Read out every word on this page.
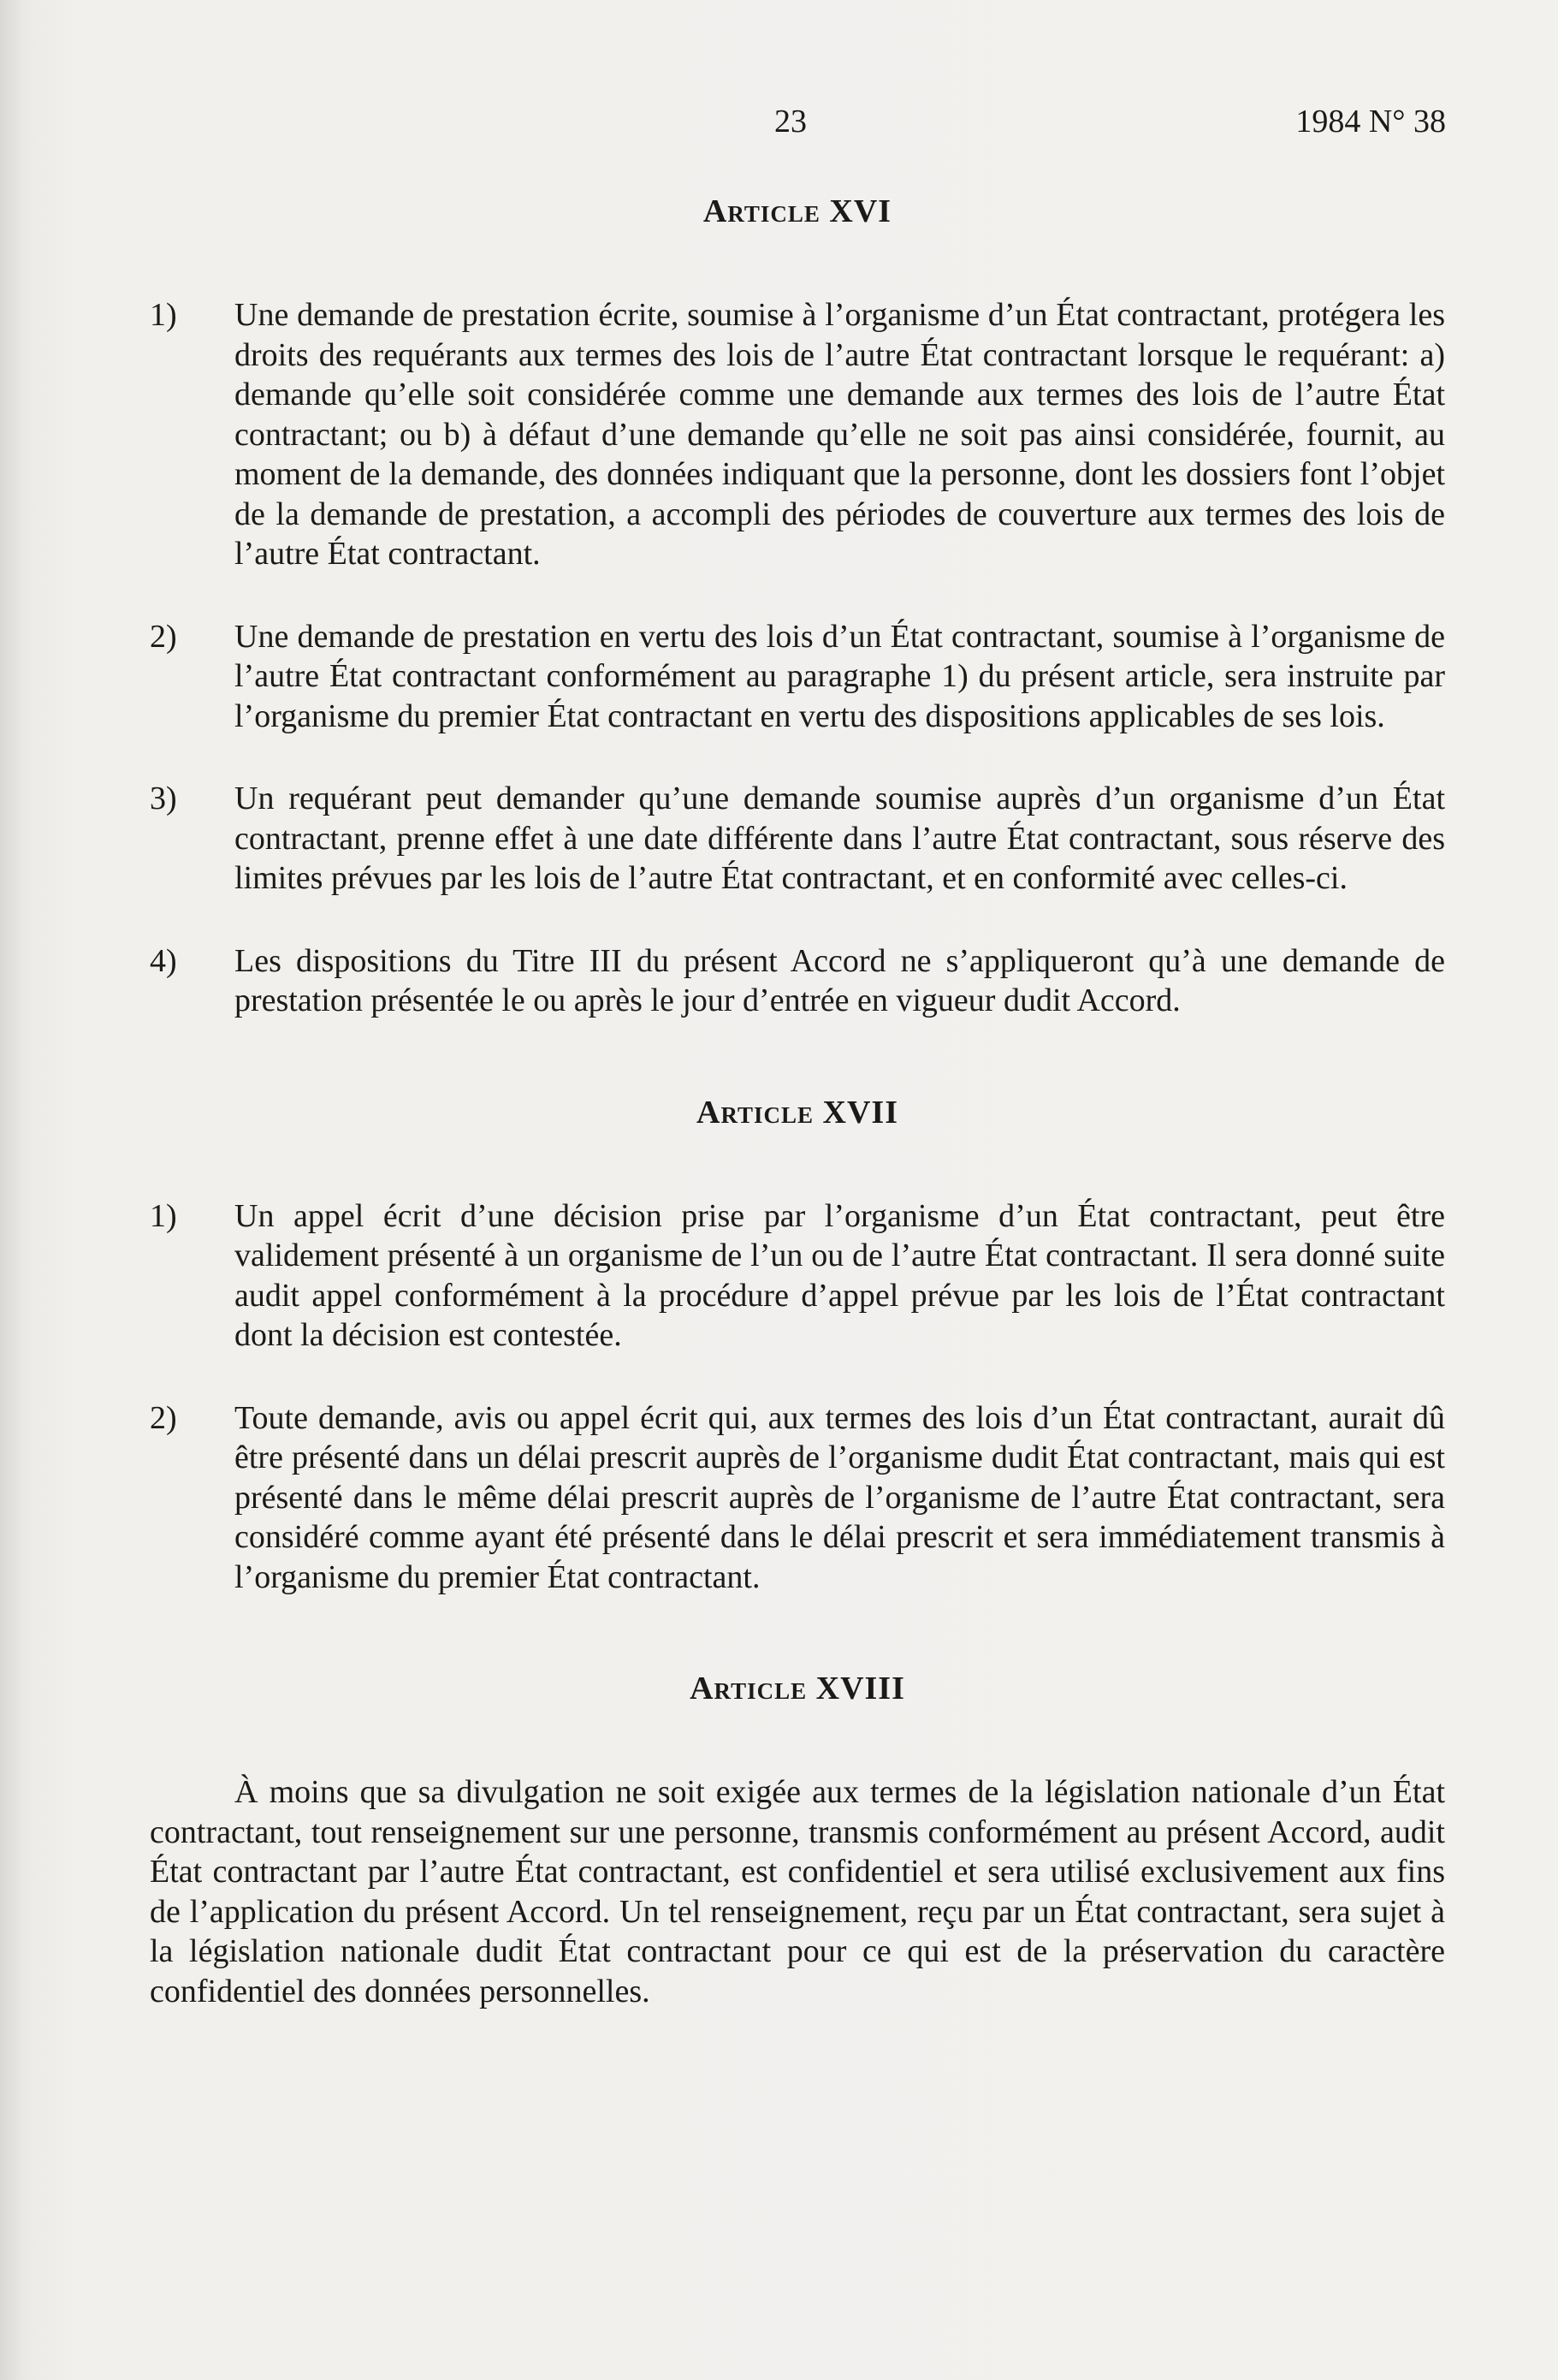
23	1984 N° 38
Article XVI
1) Une demande de prestation écrite, soumise à l’organisme d’un État contractant, protégera les droits des requérants aux termes des lois de l’autre État contractant lorsque le requérant: a) demande qu’elle soit considérée comme une demande aux termes des lois de l’autre État contractant; ou b) à défaut d’une demande qu’elle ne soit pas ainsi considérée, fournit, au moment de la demande, des données indiquant que la personne, dont les dossiers font l’objet de la demande de prestation, a accompli des périodes de couverture aux termes des lois de l’autre État contractant.
2) Une demande de prestation en vertu des lois d’un État contractant, soumise à l’organisme de l’autre État contractant conformément au paragraphe 1) du présent article, sera instruite par l’organisme du premier État contractant en vertu des dispositions applicables de ses lois.
3) Un requérant peut demander qu’une demande soumise auprès d’un organisme d’un État contractant, prenne effet à une date différente dans l’autre État contractant, sous réserve des limites prévues par les lois de l’autre État contractant, et en conformité avec celles-ci.
4) Les dispositions du Titre III du présent Accord ne s’appliqueront qu’à une demande de prestation présentée le ou après le jour d’entrée en vigueur dudit Accord.
Article XVII
1) Un appel écrit d’une décision prise par l’organisme d’un État contractant, peut être validement présenté à un organisme de l’un ou de l’autre État contractant. Il sera donné suite audit appel conformément à la procédure d’appel prévue par les lois de l’État contractant dont la décision est contestée.
2) Toute demande, avis ou appel écrit qui, aux termes des lois d’un État contractant, aurait dû être présenté dans un délai prescrit auprès de l’organisme dudit État contractant, mais qui est présenté dans le même délai prescrit auprès de l’organisme de l’autre État contractant, sera considéré comme ayant été présenté dans le délai prescrit et sera immédiatement transmis à l’organisme du premier État contractant.
Article XVIII

À moins que sa divulgation ne soit exigée aux termes de la législation nationale d’un État contractant, tout renseignement sur une personne, transmis conformément au présent Accord, audit État contractant par l’autre État contractant, est confidentiel et sera utilisé exclusivement aux fins de l’application du présent Accord. Un tel renseignement, reçu par un État contractant, sera sujet à la législation nationale dudit État contractant pour ce qui est de la préservation du caractère confidentiel des données personnelles.
